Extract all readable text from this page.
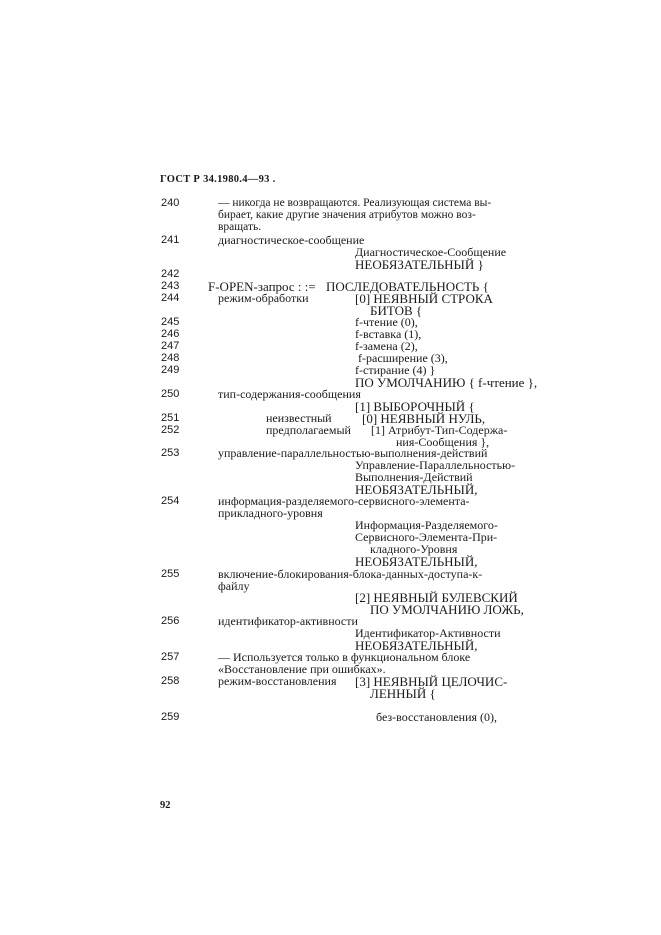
ГОСТ Р 34.1980.4—93 .
240
241
242
243
244
245
246
247
248
249
250
251
252
253
254
255
256
257
258
259
— никогда не возвращаются. Реализующая система вы-
бирает, какие другие значения атрибутов можно воз-
вращать.
диагностическое-сообщение
Диагностическое-Сообщение
НЕОБЯЗАТЕЛЬНЫЙ }
F-OPEN-запрос : := ПОСЛЕДОВАТЕЛЬНОСТЬ {
режим-обработки	[0] НЕЯВНЫЙ СТРОКА
БИТОВ {
f-чтение (0),
f-вставка (1),
f-замена (2),
f-расширение (3),
f-стирание (4) }
ПО УМОЛЧАНИЮ { f-чтение },
тип-содержания-сообщения
[1] ВЫБОРОЧНЫЙ {
неизвестный [0] НЕЯВНЫЙ НУЛЬ,
предполагаемый [1] Атрибут-Тип-Содержа-
ния-Сообщения },
управление-параллельностью-выполнения-действий
Управление-Параллельностью-
Выполнения-Действий
НЕОБЯЗАТЕЛЬНЫЙ,
информация-разделяемого-сервисного-элемента-
прикладного-уровня
Информация-Разделяемого-
Сервисного-Элемента-При-
кладного-Уровня
НЕОБЯЗАТЕЛЬНЫЙ,
включение-блокирования-блока-данных-доступа-к-
файлу
[2] НЕЯВНЫЙ БУЛЕВСКИЙ
ПО УМОЛЧАНИЮ ЛОЖЬ,
идентификатор-активности
Идентификатор-Активности
НЕОБЯЗАТЕЛЬНЫЙ,
— Используется только в функциональном блоке
«Восстановление при ошибках».
режим-восстановления [3] НЕЯВНЫЙ ЦЕЛОЧИС-
ЛЕННЫЙ {
без-восстановления (0),
92
